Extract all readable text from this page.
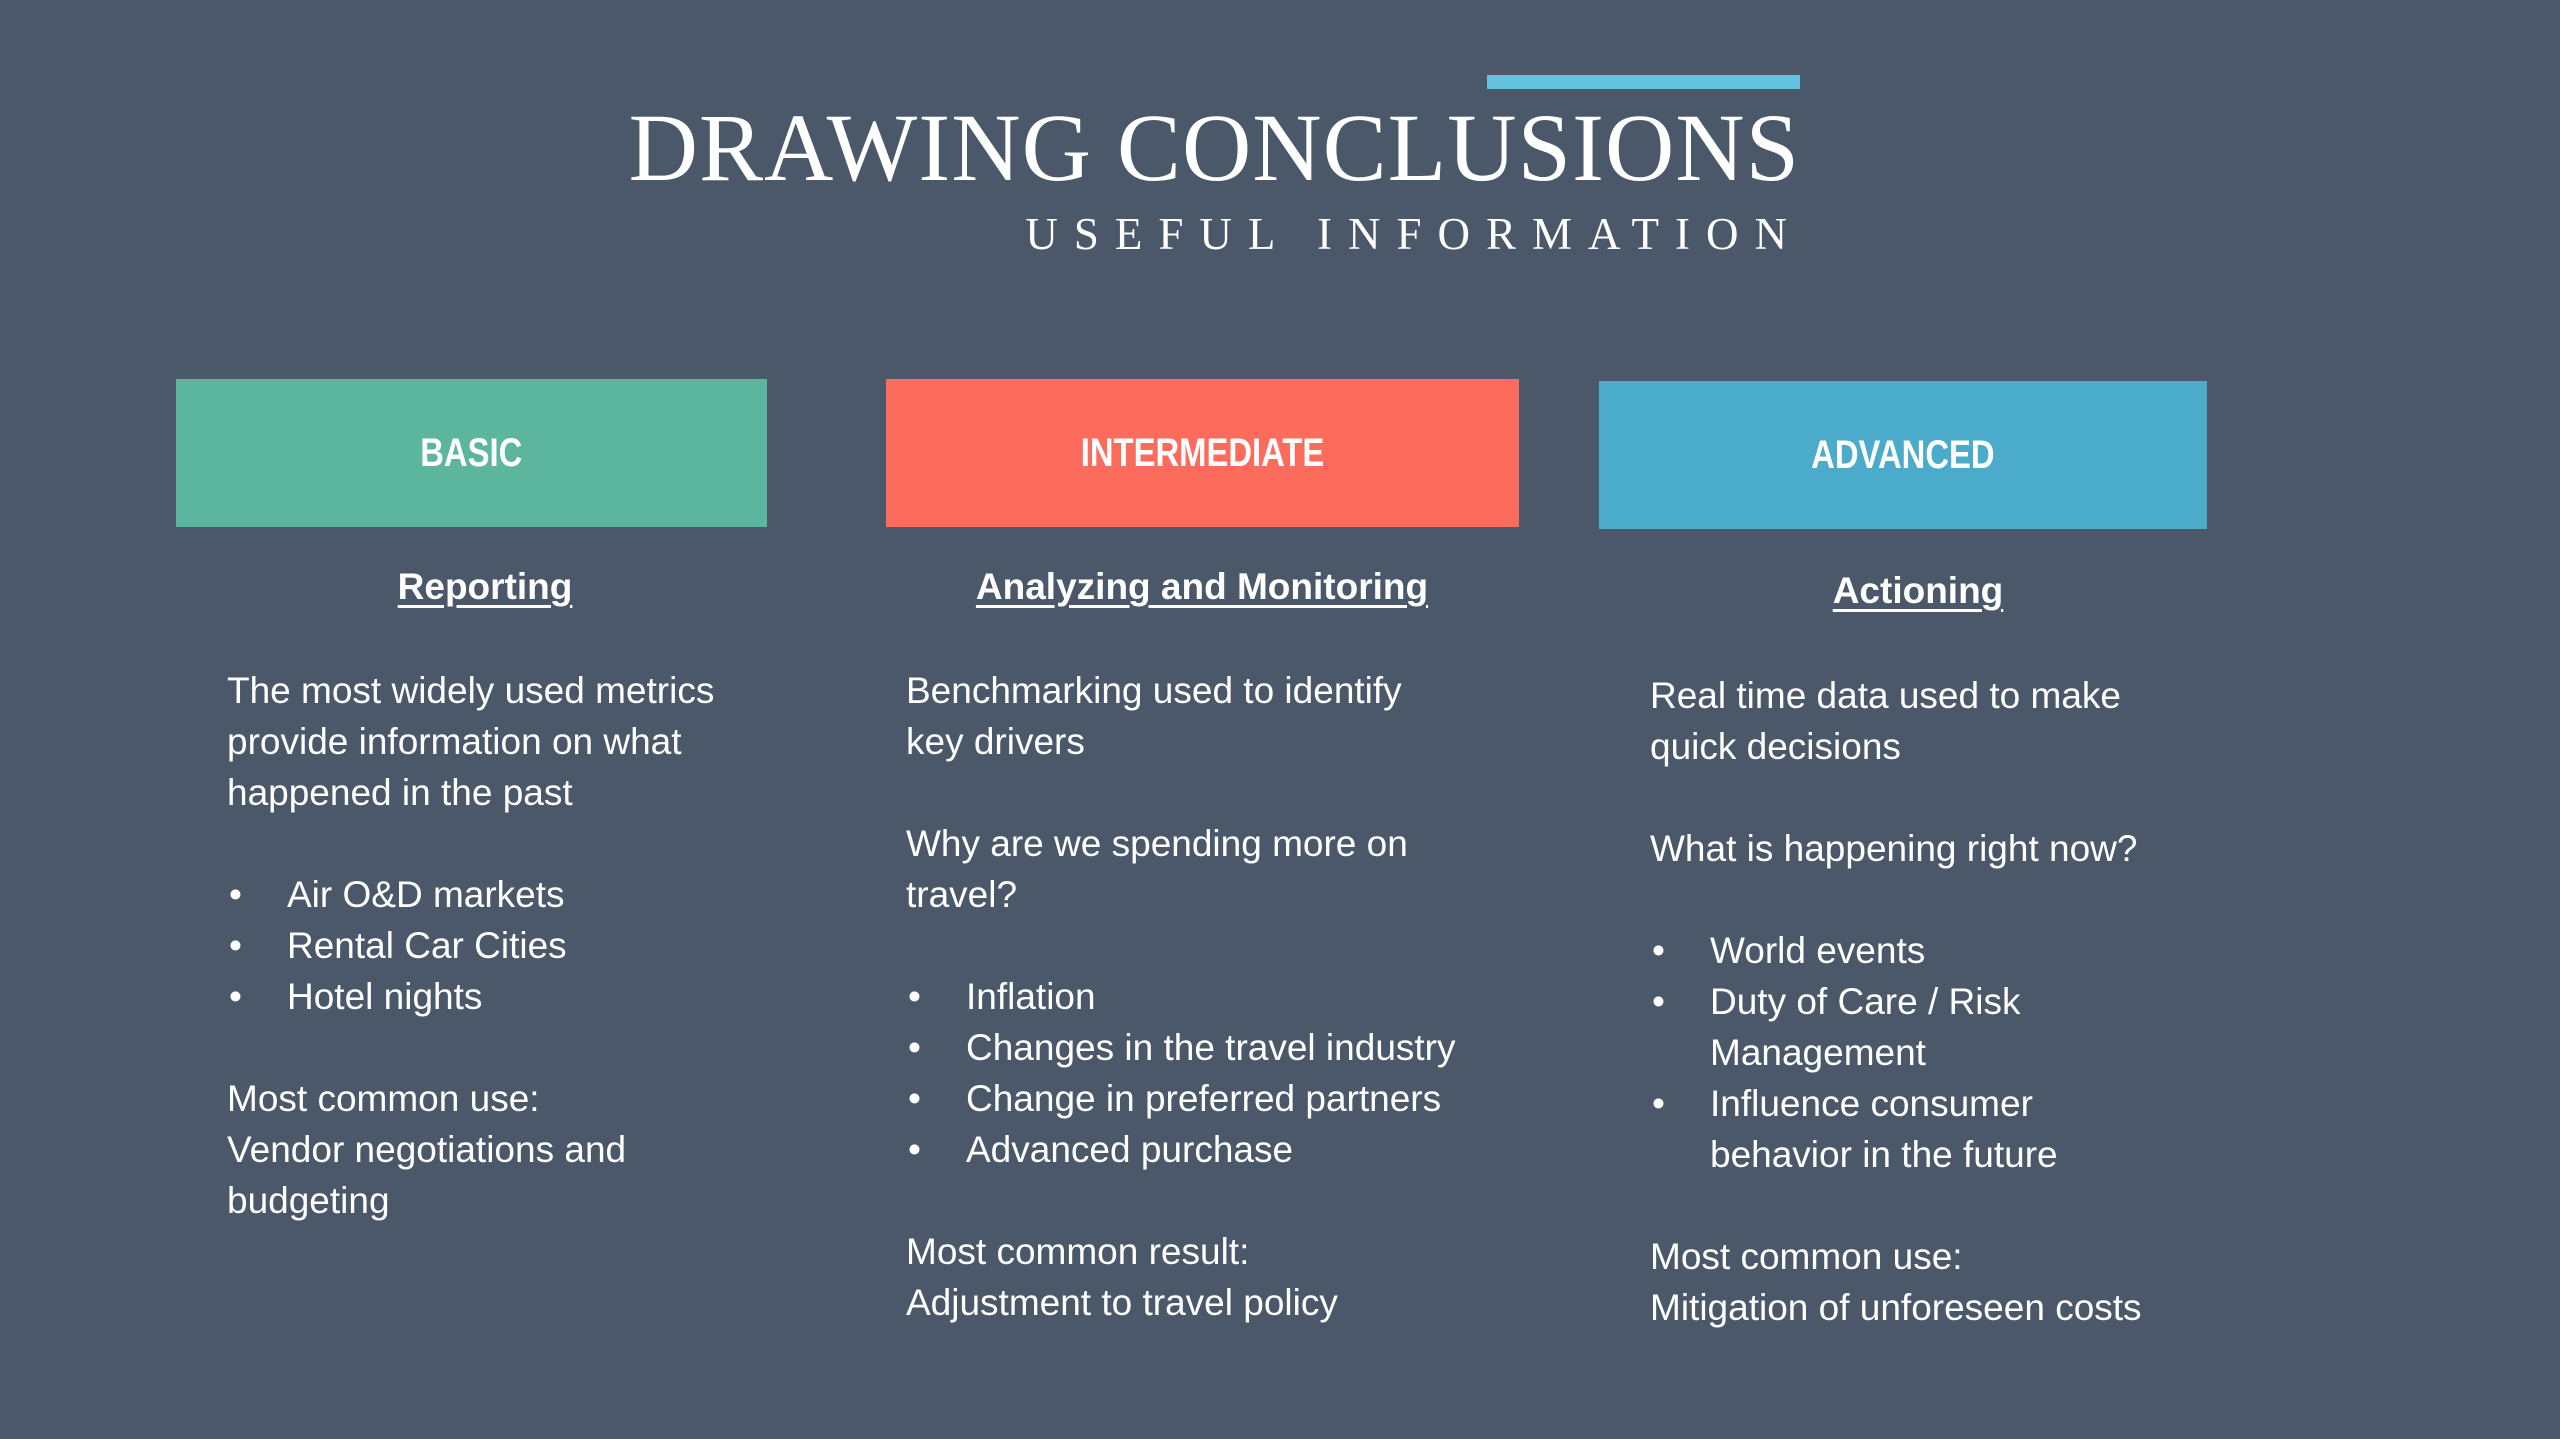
DRAWING CONCLUSIONS
USEFUL INFORMATION
BASIC	INTERMEDIATE	ADVANCED

Reporting	Analyzing and Monitoring	Actioning

The most widely used metrics

provide information on what

happened in the past

• Air O&D markets
• Rental Car Cities
• Hotel nights

Most common use:

Vendor negotiations and

budgeting

Benchmarking used to identify

key drivers

Why are we spending more on

travel?

• Inflation
• Changes in the travel industry
• Change in preferred partners
• Advanced purchase

Most common result:

Adjustment to travel policy

Real time data used to make

quick decisions

What is happening right now?

• World events
• Duty of Care / Risk
Management
• Influence consumer
behavior in the future

Most common use:

Mitigation of unforeseen costs
